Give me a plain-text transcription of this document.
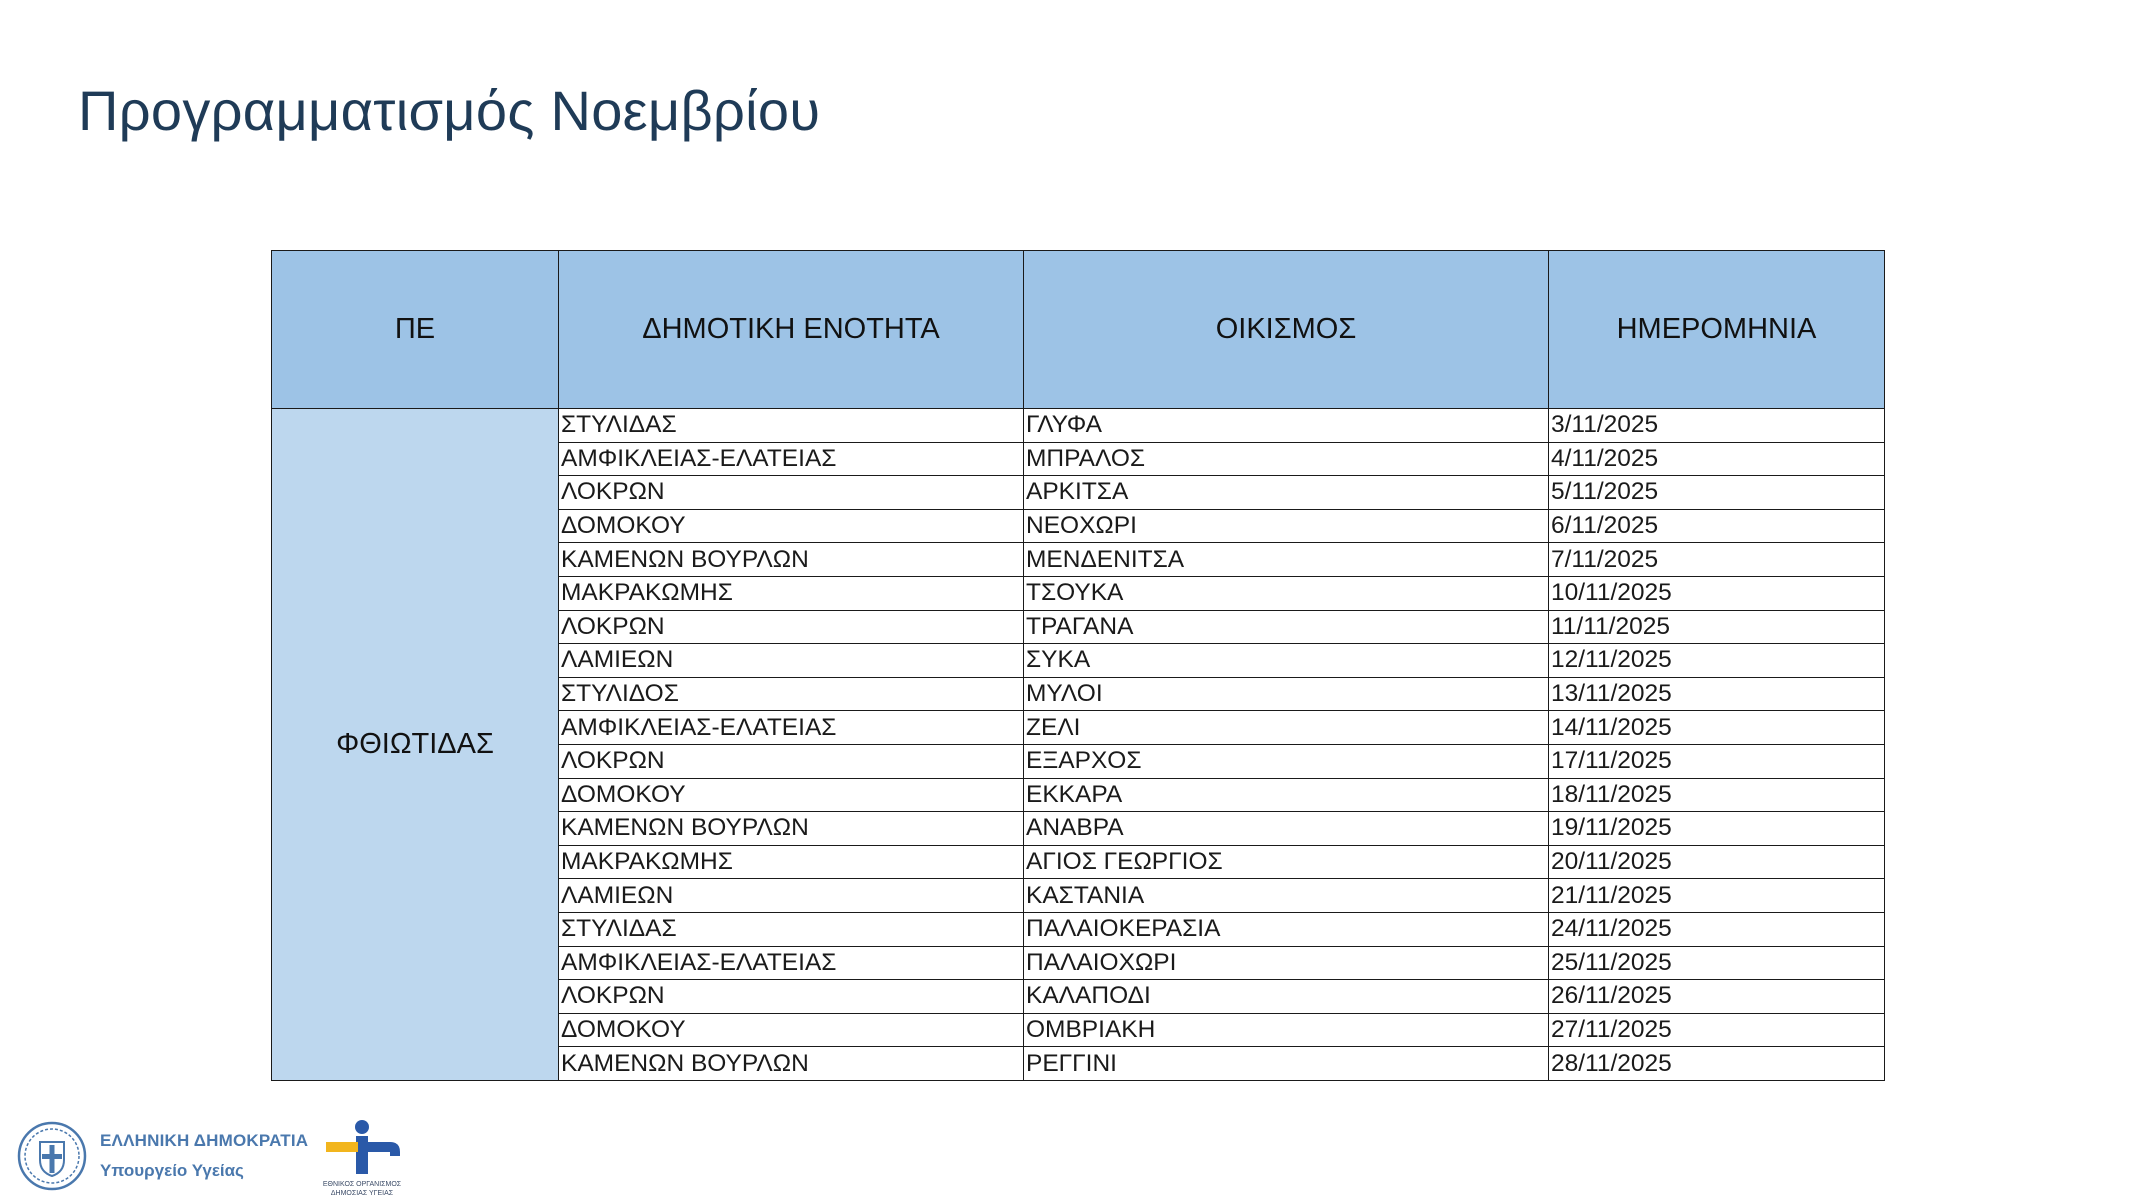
Προγραμματισμός Νοεμβρίου
ΠΕ	ΔΗΜΟΤΙΚΗ ΕΝΟΤΗΤΑ	ΟΙΚΙΣΜΟΣ	ΗΜΕΡΟΜΗΝΙΑ
ΦΘΙΩΤΙΔΑΣ	ΣΤΥΛΙΔΑΣ	ΓΛΥΦΑ	3/11/2025
	ΑΜΦΙΚΛΕΙΑΣ-ΕΛΑΤΕΙΑΣ	ΜΠΡΑΛΟΣ	4/11/2025
	ΛΟΚΡΩΝ	ΑΡΚΙΤΣΑ	5/11/2025
	ΔΟΜΟΚΟΥ	ΝΕΟΧΩΡΙ	6/11/2025
	ΚΑΜΕΝΩΝ ΒΟΥΡΛΩΝ	ΜΕΝΔΕΝΙΤΣΑ	7/11/2025
	ΜΑΚΡΑΚΩΜΗΣ	ΤΣΟΥΚΑ	10/11/2025
	ΛΟΚΡΩΝ	ΤΡΑΓΑΝΑ	11/11/2025
	ΛΑΜΙΕΩΝ	ΣΥΚΑ	12/11/2025
	ΣΤΥΛΙΔΟΣ	ΜΥΛΟΙ	13/11/2025
	ΑΜΦΙΚΛΕΙΑΣ-ΕΛΑΤΕΙΑΣ	ΖΕΛΙ	14/11/2025
	ΛΟΚΡΩΝ	ΕΞΑΡΧΟΣ	17/11/2025
	ΔΟΜΟΚΟΥ	ΕΚΚΑΡΑ	18/11/2025
	ΚΑΜΕΝΩΝ ΒΟΥΡΛΩΝ	ΑΝΑΒΡΑ	19/11/2025
	ΜΑΚΡΑΚΩΜΗΣ	ΑΓΙΟΣ ΓΕΩΡΓΙΟΣ	20/11/2025
	ΛΑΜΙΕΩΝ	ΚΑΣΤΑΝΙΑ	21/11/2025
	ΣΤΥΛΙΔΑΣ	ΠΑΛΑΙΟΚΕΡΑΣΙΑ	24/11/2025
	ΑΜΦΙΚΛΕΙΑΣ-ΕΛΑΤΕΙΑΣ	ΠΑΛΑΙΟΧΩΡΙ	25/11/2025
	ΛΟΚΡΩΝ	ΚΑΛΑΠΟΔΙ	26/11/2025
	ΔΟΜΟΚΟΥ	ΟΜΒΡΙΑΚΗ	27/11/2025
	ΚΑΜΕΝΩΝ ΒΟΥΡΛΩΝ	ΡΕΓΓΙΝΙ	28/11/2025
ΕΛΛΗΝΙΚΗ ΔΗΜΟΚΡΑΤΙΑ
Υπουργείο Υγείας
ΕΘΝΙΚΟΣ ΟΡΓΑΝΙΣΜΟΣ ΔΗΜΟΣΙΑΣ ΥΓΕΙΑΣ
